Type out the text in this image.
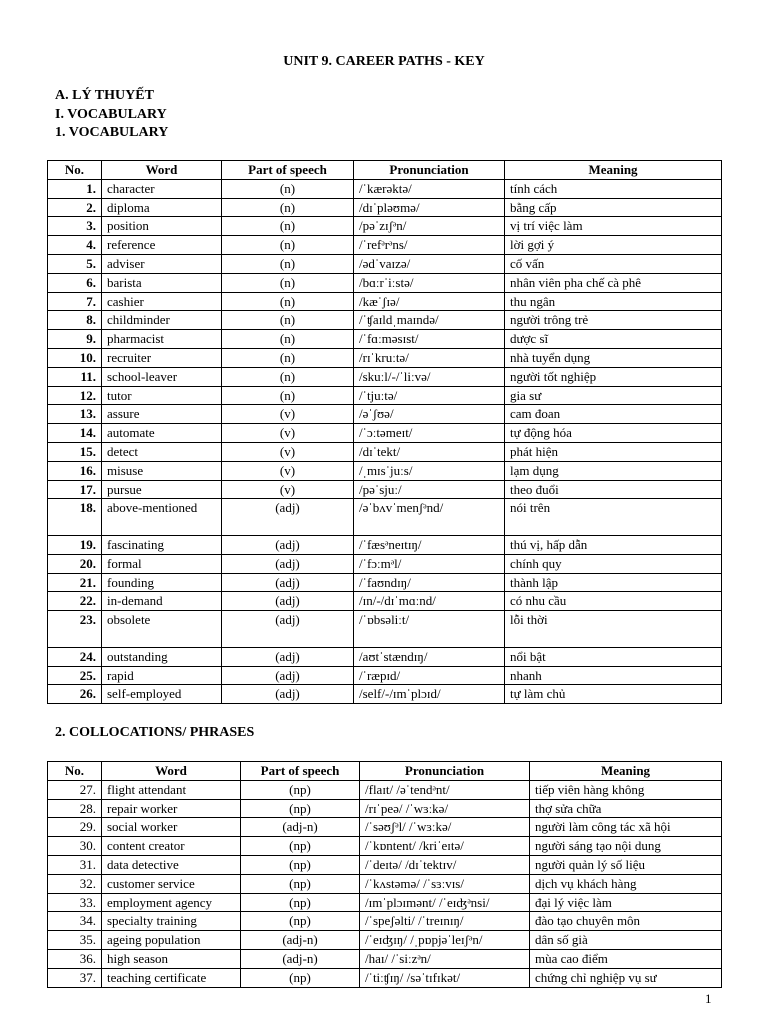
UNIT 9. CAREER PATHS - KEY
A. LÝ THUYẾT
I. VOCABULARY
1. VOCABULARY
No.	Word	Part of speech	Pronunciation	Meaning
1.	character	(n)	/ˈkærəktə/	tính cách
2.	diploma	(n)	/dɪˈpləʊmə/	bằng cấp
3.	position	(n)	/pəˈzɪʃᵊn/	vị trí việc làm
4.	reference	(n)	/ˈrefᵊrᵊns/	lời gợi ý
5.	adviser	(n)	/ədˈvaɪzə/	cố vấn
6.	barista	(n)	/bɑːrˈiːstə/	nhân viên pha chế cà phê
7.	cashier	(n)	/kæˈʃɪə/	thu ngân
8.	childminder	(n)	/ˈʧaɪldˌmaɪndə/	người trông trẻ
9.	pharmacist	(n)	/ˈfɑːməsɪst/	dược sĩ
10.	recruiter	(n)	/rɪˈkruːtə/	nhà tuyển dụng
11.	school-leaver	(n)	/skuːl/-/ˈliːvə/	người tốt nghiệp
12.	tutor	(n)	/ˈtjuːtə/	gia sư
13.	assure	(v)	/əˈʃʊə/	cam đoan
14.	automate	(v)	/ˈɔːtəmeɪt/	tự động hóa
15.	detect	(v)	/dɪˈtekt/	phát hiện
16.	misuse	(v)	/ˌmɪsˈjuːs/	lạm dụng
17.	pursue	(v)	/pəˈsjuː/	theo đuổi
18.	above-mentioned	(adj)	/əˈbʌvˈmenʃᵊnd/	nói trên
19.	fascinating	(adj)	/ˈfæsᵊneɪtɪŋ/	thú vị, hấp dẫn
20.	formal	(adj)	/ˈfɔːmᵊl/	chính quy
21.	founding	(adj)	/ˈfaʊndɪŋ/	thành lập
22.	in-demand	(adj)	/ɪn/-/dɪˈmɑːnd/	có nhu cầu
23.	obsolete	(adj)	/ˈɒbsəliːt/	lỗi thời
24.	outstanding	(adj)	/aʊtˈstændɪŋ/	nổi bật
25.	rapid	(adj)	/ˈræpɪd/	nhanh
26.	self-employed	(adj)	/self/-/ɪmˈplɔɪd/	tự làm chủ
2. COLLOCATIONS/ PHRASES
No.	Word	Part of speech	Pronunciation	Meaning
27.	flight attendant	(np)	/flaɪt/ /əˈtendᵊnt/	tiếp viên hàng không
28.	repair worker	(np)	/rɪˈpeə/ /ˈwɜːkə/	thợ sửa chữa
29.	social worker	(adj-n)	/ˈsəʊʃᵊl/ /ˈwɜːkə/	người làm công tác xã hội
30.	content creator	(np)	/ˈkɒntent/ /kriˈeɪtə/	người sáng tạo nội dung
31.	data detective	(np)	/ˈdeɪtə/ /dɪˈtektɪv/	người quản lý số liệu
32.	customer service	(np)	/ˈkʌstəmə/ /ˈsɜːvɪs/	dịch vụ khách hàng
33.	employment agency	(np)	/ɪmˈplɔɪmənt/ /ˈeɪʤᵊnsi/	đại lý việc làm
34.	specialty training	(np)	/ˈspeʃəlti/ /ˈtreɪnɪŋ/	đào tạo chuyên môn
35.	ageing population	(adj-n)	/ˈeɪʤɪŋ/ /ˌpɒpjəˈleɪʃᵊn/	dân số già
36.	high season	(adj-n)	/haɪ/ /ˈsiːzᵊn/	mùa cao điểm
37.	teaching certificate	(np)	/ˈtiːʧɪŋ/ /səˈtɪfɪkət/	chứng chỉ nghiệp vụ sư
1
